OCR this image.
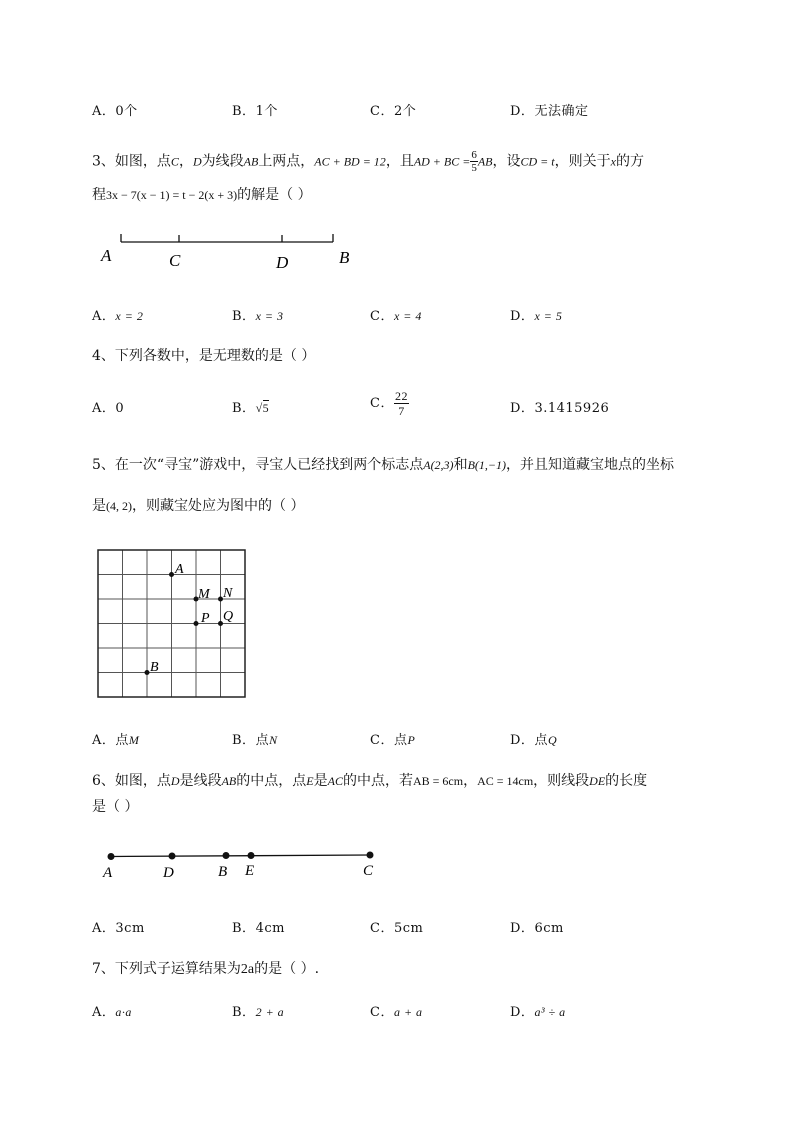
A．0个	B．1个	C．2个	D．无法确定
3、如图，点C，D为线段AB上两点，AC + BD = 12，且AD + BC = $\frac{6}{5}$ AB，设CD = t，则关于x的方
程3x − 7(x − 1) = t − 2(x + 3)的解是（ ）
A	C	D	B
A．x = 2	B．x = 3	C．x = 4	D．x = 5
4、下列各数中，是无理数的是（ ）
A．0	B．√5	C． $\frac{22}{7}$	D．3.1415926
5、在一次“寻宝”游戏中，寻宝人已经找到两个标志点A(2,3)和B(1,−1)，并且知道藏宝地点的坐标
是(4, 2)，则藏宝处应为图中的（ ）
A
M N
P Q
B
A．点M	B．点N	C．点P	D．点Q
6、如图，点D是线段AB的中点，点E是AC的中点，若AB = 6cm，AC = 14cm，则线段DE的长度
是（ ）
A	D	B E	C
A．3cm	B．4cm	C．5cm	D．6cm
7、下列式子运算结果为2a的是（ ）.
A．a·a	B．2 + a	C．a + a	D．a³ ÷ a
